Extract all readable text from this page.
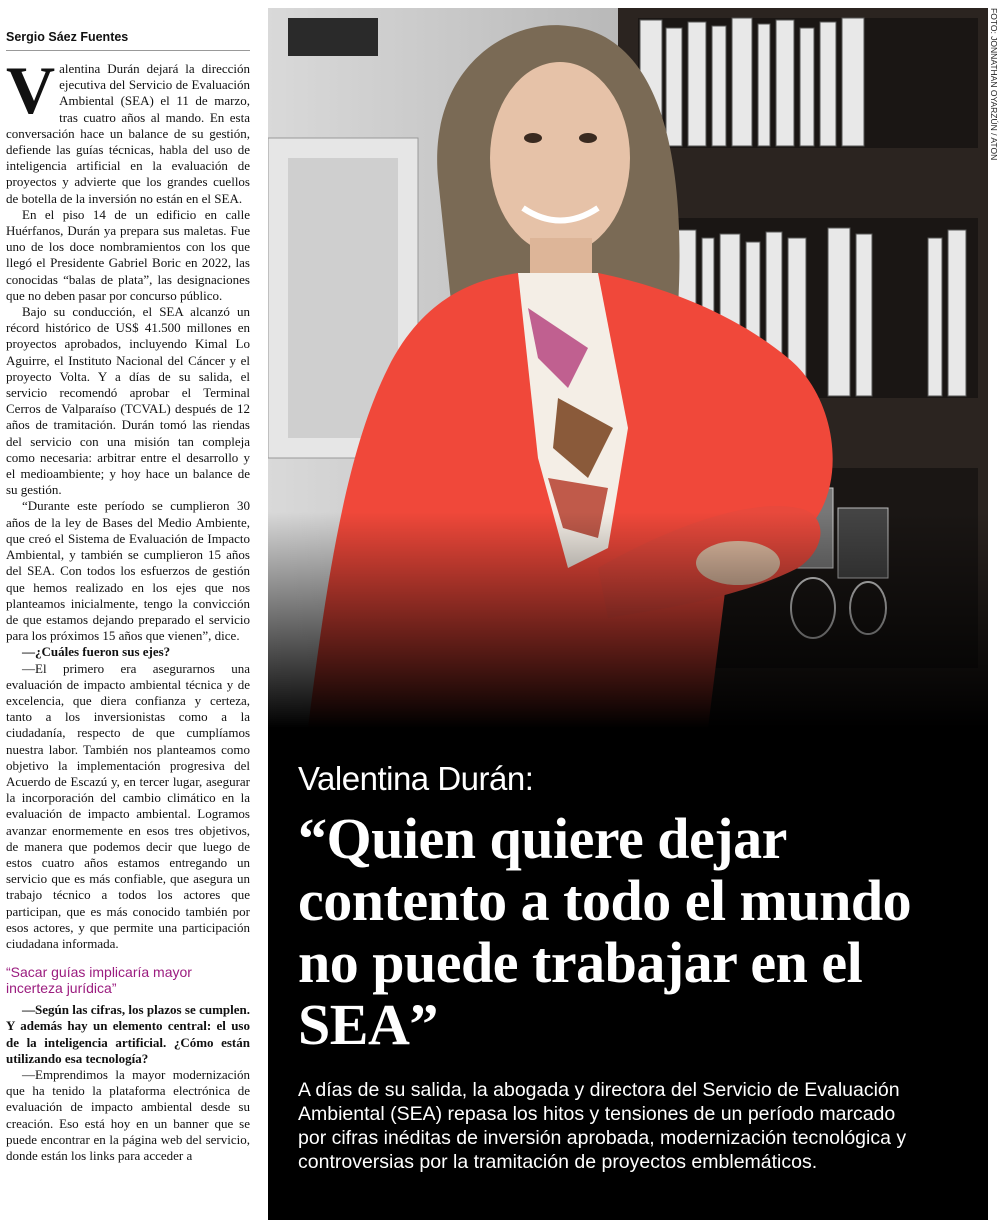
Sergio Sáez Fuentes

Valentina Durán dejará la dirección ejecutiva del Servicio de Evaluación Ambiental (SEA) el 11 de marzo, tras cuatro años al mando. En esta conversación hace un balance de su gestión, defiende las guías técnicas, habla del uso de inteligencia artificial en la evaluación de proyectos y advierte que los grandes cuellos de botella de la inversión no están en el SEA.

En el piso 14 de un edificio en calle Huérfanos, Durán ya prepara sus maletas. Fue uno de los doce nombramientos con los que llegó el Presidente Gabriel Boric en 2022, las conocidas “balas de plata”, las designaciones que no deben pasar por concurso público.

Bajo su conducción, el SEA alcanzó un récord histórico de US$ 41.500 millones en proyectos aprobados, incluyendo Kimal Lo Aguirre, el Instituto Nacional del Cáncer y el proyecto Volta. Y a días de su salida, el servicio recomendó aprobar el Terminal Cerros de Valparaíso (TCVAL) después de 12 años de tramitación. Durán tomó las riendas del servicio con una misión tan compleja como necesaria: arbitrar entre el desarrollo y el medioambiente; y hoy hace un balance de su gestión.

“Durante este período se cumplieron 30 años de la ley de Bases del Medio Ambiente, que creó el Sistema de Evaluación de Impacto Ambiental, y también se cumplieron 15 años del SEA. Con todos los esfuerzos de gestión que hemos realizado en los ejes que nos planteamos inicialmente, tengo la convicción de que estamos dejando preparado el servicio para los próximos 15 años que vienen”, dice.

—¿Cuáles fueron sus ejes?

—El primero era asegurarnos una evaluación de impacto ambiental técnica y de excelencia, que diera confianza y certeza, tanto a los inversionistas como a la ciudadanía, respecto de que cumplíamos nuestra labor. También nos planteamos como objetivo la implementación progresiva del Acuerdo de Escazú y, en tercer lugar, asegurar la incorporación del cambio climático en la evaluación de impacto ambiental. Logramos avanzar enormemente en esos tres objetivos, de manera que podemos decir que luego de estos cuatro años estamos entregando un servicio que es más confiable, que asegura un trabajo técnico a todos los actores que participan, que es más conocido también por esos actores, y que permite una participación ciudadana informada.

“Sacar guías implicaría mayor incerteza jurídica”

—Según las cifras, los plazos se cumplen. Y además hay un elemento central: el uso de la inteligencia artificial. ¿Cómo están utilizando esa tecnología?

—Emprendimos la mayor modernización que ha tenido la plataforma electrónica de evaluación de impacto ambiental desde su creación. Eso está hoy en un banner que se puede encontrar en la página web del servicio, donde están los links para acceder a

Valentina Durán:
“Quien quiere dejar contento a todo el mundo no puede trabajar en el SEA”

A días de su salida, la abogada y directora del Servicio de Evaluación Ambiental (SEA) repasa los hitos y tensiones de un período marcado por cifras inéditas de inversión aprobada, modernización tecnológica y controversias por la tramitación de proyectos emblemáticos.

FOTO: JONNATHAN OYARZÚN / ATON
